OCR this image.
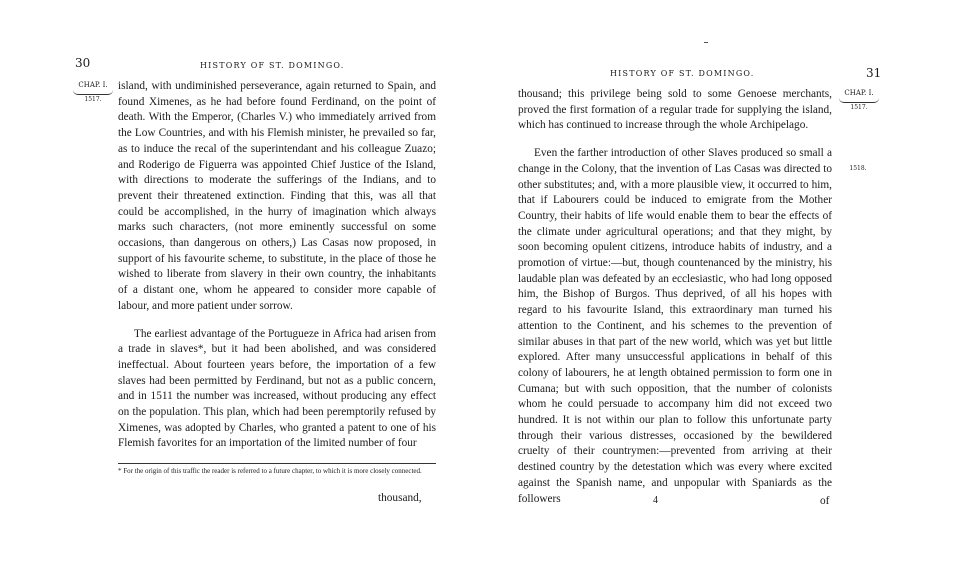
30	HISTORY OF ST. DOMINGO.
CHAP. I.
1517.

island, with undiminished perseverance, again returned to Spain, and found Ximenes, as he had before found Ferdinand, on the point of death. With the Emperor, (Charles V.) who immediately arrived from the Low Countries, and with his Flemish minister, he prevailed so far, as to induce the recal of the superintendant and his colleague Zuazo; and Roderigo de Figuerra was appointed Chief Justice of the Island, with directions to moderate the sufferings of the Indians, and to prevent their threatened extinction. Finding that this, was all that could be accomplished, in the hurry of imagination which always marks such characters, (not more eminently successful on some occasions, than dangerous on others,) Las Casas now proposed, in support of his favourite scheme, to substitute, in the place of those he wished to liberate from slavery in their own country, the inhabitants of a distant one, whom he appeared to consider more capable of labour, and more patient under sorrow.

The earliest advantage of the Portugueze in Africa had arisen from a trade in slaves*, but it had been abolished, and was considered ineffectual. About fourteen years before, the importation of a few slaves had been permitted by Ferdinand, but not as a public concern, and in 1511 the number was increased, without producing any effect on the population. This plan, which had been peremptorily refused by Ximenes, was adopted by Charles, who granted a patent to one of his Flemish favorites for an importation of the limited number of four

* For the origin of this traffic the reader is referred to a future chapter, to which it is more closely connected.
thousand,
HISTORY OF ST. DOMINGO.	31
CHAP. I.
1517.
1518.

thousand; this privilege being sold to some Genoese merchants, proved the first formation of a regular trade for supplying the island, which has continued to increase through the whole Archipelago.

Even the farther introduction of other Slaves produced so small a change in the Colony, that the invention of Las Casas was directed to other substitutes; and, with a more plausible view, it occurred to him, that if Labourers could be induced to emigrate from the Mother Country, their habits of life would enable them to bear the effects of the climate under agricultural operations; and that they might, by soon becoming opulent citizens, introduce habits of industry, and a promotion of virtue:—but, though countenanced by the ministry, his laudable plan was defeated by an ecclesiastic, who had long opposed him, the Bishop of Burgos. Thus deprived, of all his hopes with regard to his favourite Island, this extraordinary man turned his attention to the Continent, and his schemes to the prevention of similar abuses in that part of the new world, which was yet but little explored. After many unsuccessful applications in behalf of this colony of labourers, he at length obtained permission to form one in Cumana; but with such opposition, that the number of colonists whom he could persuade to accompany him did not exceed two hundred. It is not within our plan to follow this unfortunate party through their various distresses, occasioned by the bewildered cruelty of their countrymen:—prevented from arriving at their destined country by the detestation which was every where excited against the Spanish name, and unpopular with Spaniards as the followers	4	of
